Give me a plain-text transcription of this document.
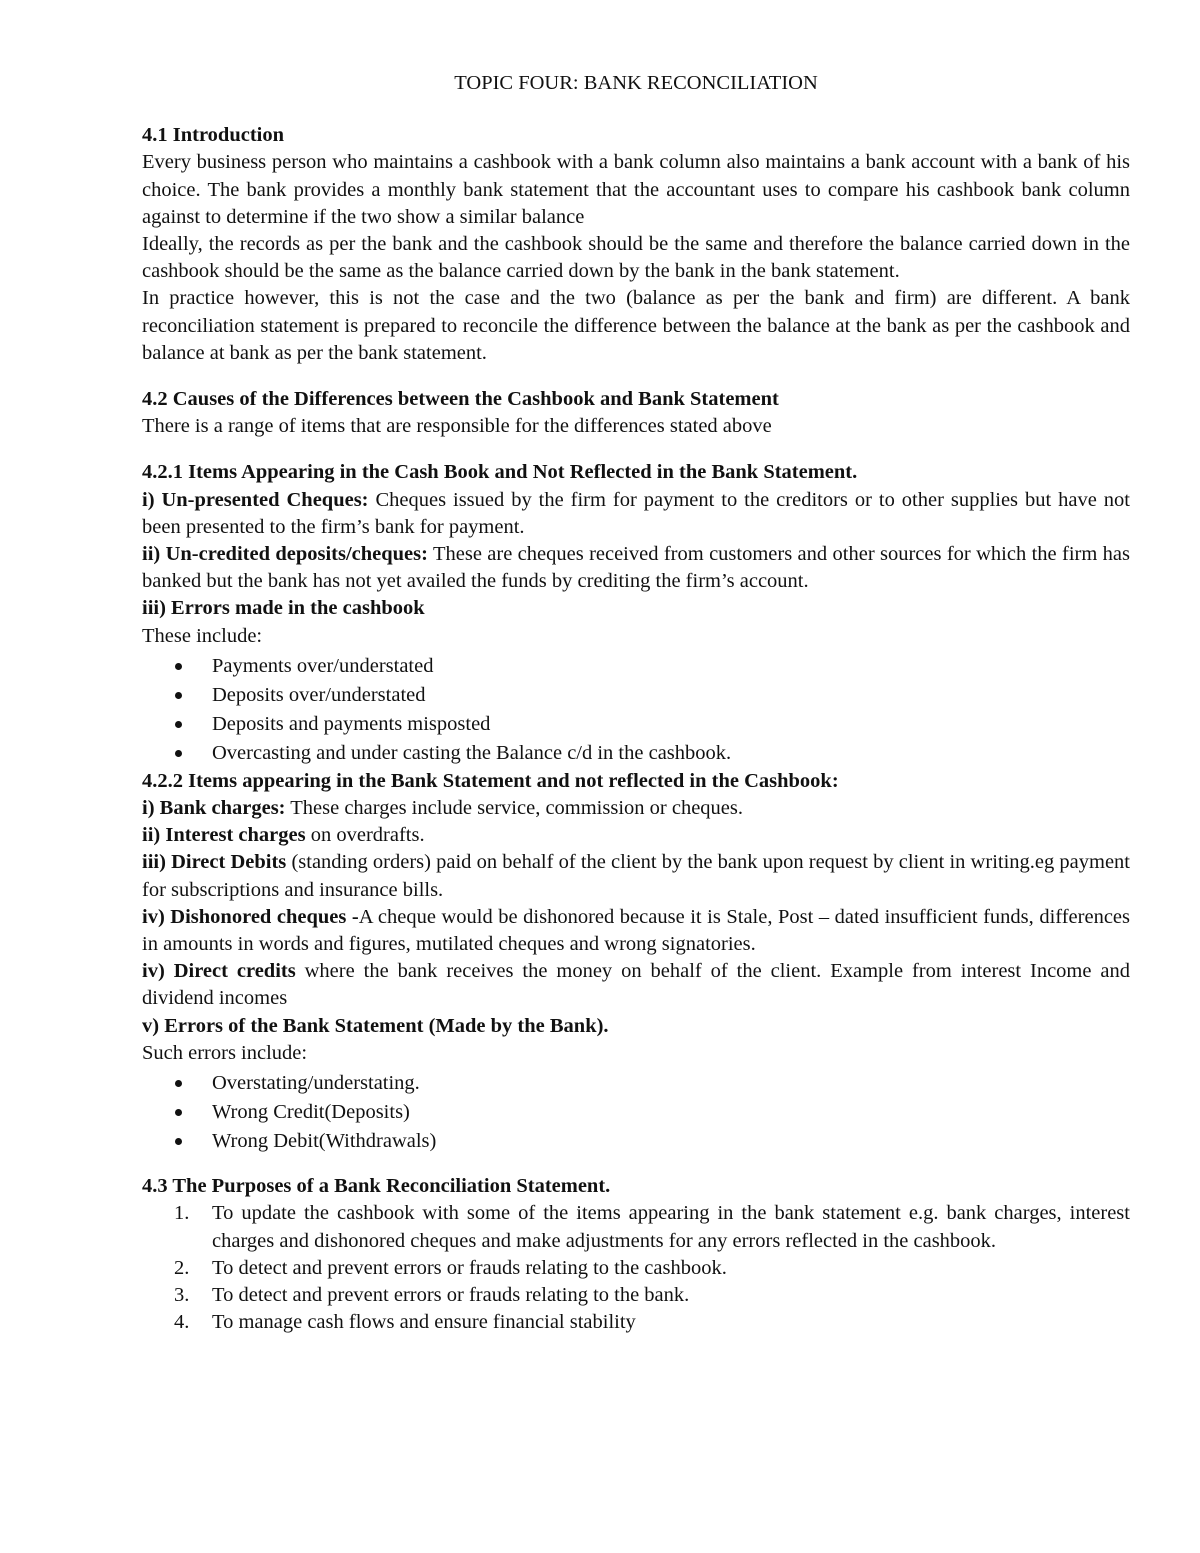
TOPIC FOUR: BANK RECONCILIATION

4.1 Introduction

Every business person who maintains a cashbook with a bank column also maintains a bank account with a bank of his choice. The bank provides a monthly bank statement that the accountant uses to compare his cashbook bank column against to determine if the two show a similar balance

Ideally, the records as per the bank and the cashbook should be the same and therefore the balance carried down in the cashbook should be the same as the balance carried down by the bank in the bank statement.

In practice however, this is not the case and the two (balance as per the bank and firm) are different. A bank reconciliation statement is prepared to reconcile the difference between the balance at the bank as per the cashbook and balance at bank as per the bank statement.

4.2 Causes of the Differences between the Cashbook and Bank Statement

There is a range of items that are responsible for the differences stated above

4.2.1 Items Appearing in the Cash Book and Not Reflected in the Bank Statement.

i) Un-presented Cheques: Cheques issued by the firm for payment to the creditors or to other supplies but have not been presented to the firm’s bank for payment.

ii) Un-credited deposits/cheques: These are cheques received from customers and other sources for which the firm has banked but the bank has not yet availed the funds by crediting the firm’s account.

iii) Errors made in the cashbook

These include:

Payments over/understated
Deposits over/understated
Deposits and payments misposted
Overcasting and under casting the Balance c/d in the cashbook.

4.2.2 Items appearing in the Bank Statement and not reflected in the Cashbook:

i) Bank charges: These charges include service, commission or cheques.

ii) Interest charges on overdrafts.

iii) Direct Debits (standing orders) paid on behalf of the client by the bank upon request by client in writing.eg payment for subscriptions and insurance bills.

iv) Dishonored cheques -A cheque would be dishonored because it is Stale, Post – dated insufficient funds, differences in amounts in words and figures, mutilated cheques and wrong signatories.

iv) Direct credits where the bank receives the money on behalf of the client. Example from interest Income and dividend incomes

v) Errors of the Bank Statement (Made by the Bank).

Such errors include:

Overstating/understating.
Wrong Credit(Deposits)
Wrong Debit(Withdrawals)

4.3 The Purposes of a Bank Reconciliation Statement.

1. To update the cashbook with some of the items appearing in the bank statement e.g. bank charges, interest charges and dishonored cheques and make adjustments for any errors reflected in the cashbook.
2. To detect and prevent errors or frauds relating to the cashbook.
3. To detect and prevent errors or frauds relating to the bank.
4. To manage cash flows and ensure financial stability
